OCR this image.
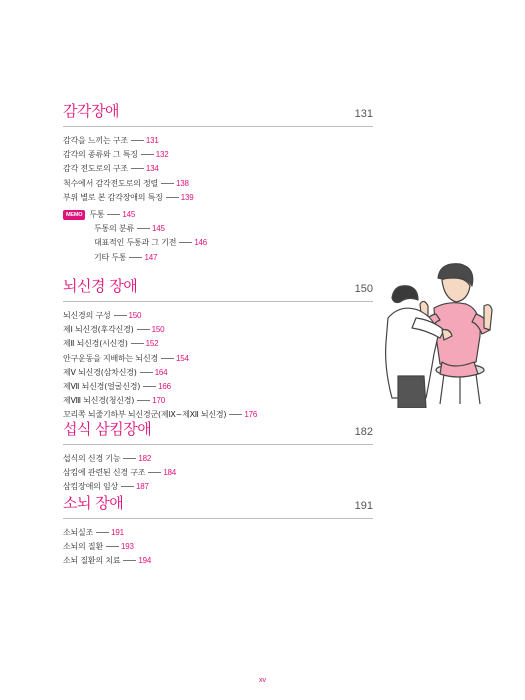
감각장애	131
감각을 느끼는 구조 131
감각의 종류와 그 특징 132
감각 전도로의 구조 134
척수에서 감각전도로의 정렬 138
부위 별로 본 감각장애의 특징 139
MEMO 두통 145
두통의 분류 145
대표적인 두통과 그 기전 146
기타 두통 147
뇌신경 장애	150
뇌신경의 구성 150
제Ⅰ 뇌신경(후각신경) 150
제Ⅱ 뇌신경(시신경) 152
안구운동을 지배하는 뇌신경 154
제Ⅴ 뇌신경(삼차신경) 164
제Ⅶ 뇌신경(얼굴신경) 166
제Ⅷ 뇌신경(청신경) 170
꼬리쪽 뇌줄기하부 뇌신경군(제Ⅸ~제Ⅻ 뇌신경) 176
섭식 삼킴장애	182
섭식의 신경 기능 182
삼킴에 관련된 신경 구조 184
삼킴장애의 임상 187
소뇌 장애	191
소뇌실조 191
소뇌의 질환 193
소뇌 질환의 치료 194
xv
